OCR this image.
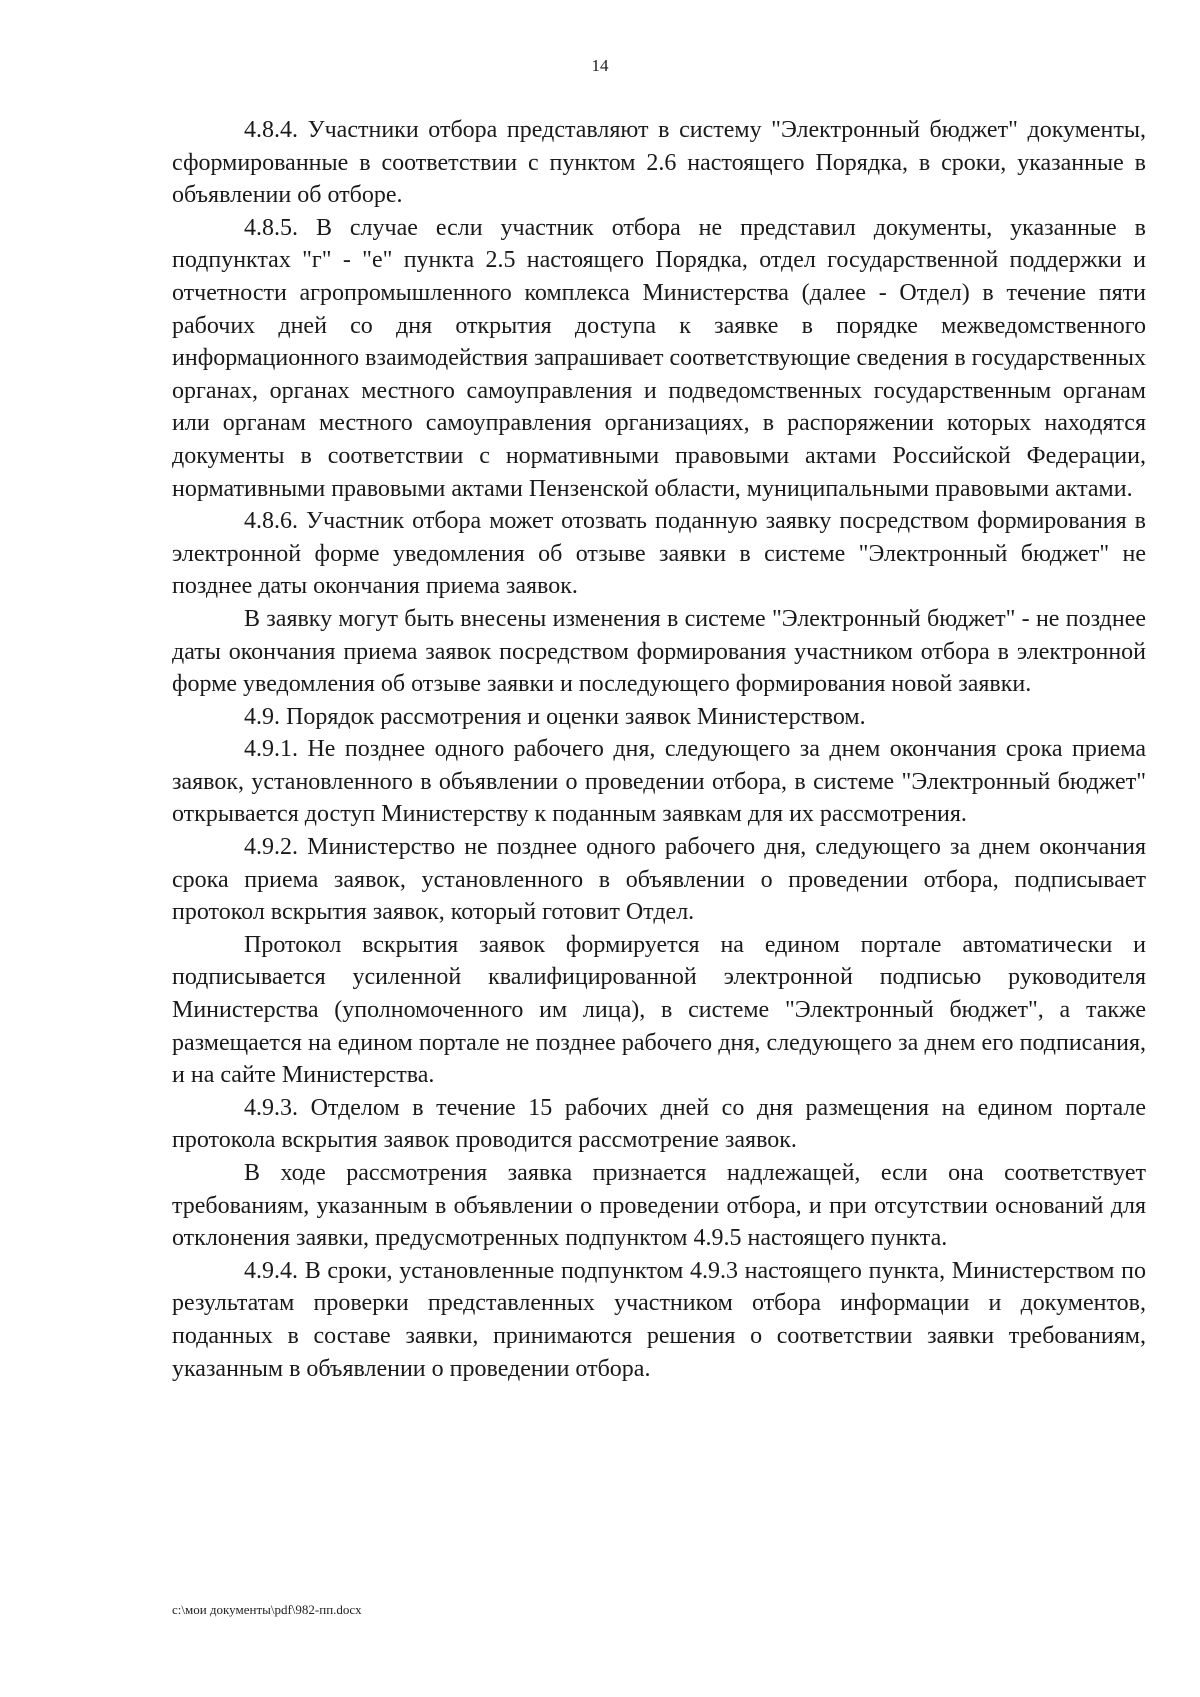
14

4.8.4. Участники отбора представляют в систему "Электронный бюджет" документы, сформированные в соответствии с пунктом 2.6 настоящего Порядка, в сроки, указанные в объявлении об отборе.

4.8.5. В случае если участник отбора не представил документы, указанные в подпунктах "г" - "е" пункта 2.5 настоящего Порядка, отдел государственной поддержки и отчетности агропромышленного комплекса Министерства (далее - Отдел) в течение пяти рабочих дней со дня открытия доступа к заявке в порядке межведомственного информационного взаимодействия запрашивает соответствующие сведения в государственных органах, органах местного самоуправления и подведомственных государственным органам или органам местного самоуправления организациях, в распоряжении которых находятся документы в соответствии с нормативными правовыми актами Российской Федерации, нормативными правовыми актами Пензенской области, муниципальными правовыми актами.

4.8.6. Участник отбора может отозвать поданную заявку посредством формирования в электронной форме уведомления об отзыве заявки в системе "Электронный бюджет" не позднее даты окончания приема заявок.

В заявку могут быть внесены изменения в системе "Электронный бюджет" - не позднее даты окончания приема заявок посредством формирования участником отбора в электронной форме уведомления об отзыве заявки и последующего формирования новой заявки.

4.9. Порядок рассмотрения и оценки заявок Министерством.

4.9.1. Не позднее одного рабочего дня, следующего за днем окончания срока приема заявок, установленного в объявлении о проведении отбора, в системе "Электронный бюджет" открывается доступ Министерству к поданным заявкам для их рассмотрения.

4.9.2. Министерство не позднее одного рабочего дня, следующего за днем окончания срока приема заявок, установленного в объявлении о проведении отбора, подписывает протокол вскрытия заявок, который готовит Отдел.

Протокол вскрытия заявок формируется на едином портале автоматически и подписывается усиленной квалифицированной электронной подписью руководителя Министерства (уполномоченного им лица), в системе "Электронный бюджет", а также размещается на едином портале не позднее рабочего дня, следующего за днем его подписания, и на сайте Министерства.

4.9.3. Отделом в течение 15 рабочих дней со дня размещения на едином портале протокола вскрытия заявок проводится рассмотрение заявок.

В ходе рассмотрения заявка признается надлежащей, если она соответствует требованиям, указанным в объявлении о проведении отбора, и при отсутствии оснований для отклонения заявки, предусмотренных подпунктом 4.9.5 настоящего пункта.

4.9.4. В сроки, установленные подпунктом 4.9.3 настоящего пункта, Министерством по результатам проверки представленных участником отбора информации и документов, поданных в составе заявки, принимаются решения о соответствии заявки требованиям, указанным в объявлении о проведении отбора.

c:\мои документы\pdf\982-пп.docx
